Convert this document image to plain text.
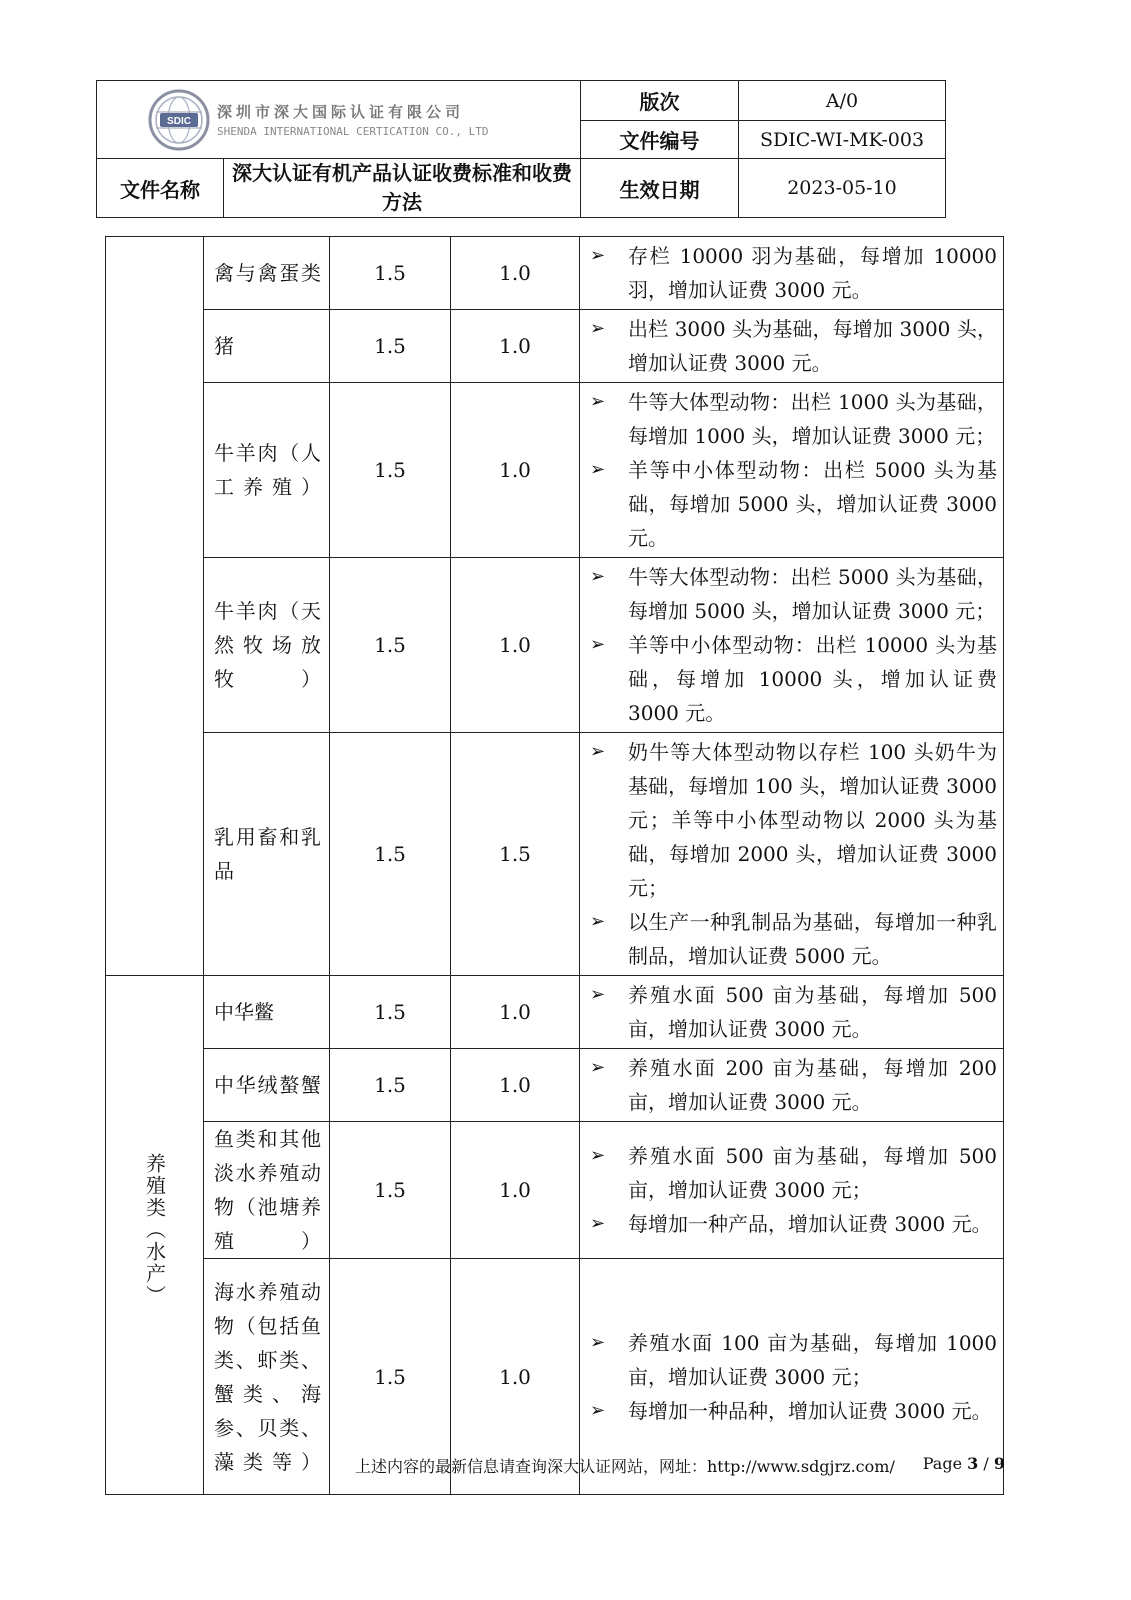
SDIC 深圳市深大国际认证有限公司
SHENDA INTERNATIONAL CERTICATION CO., LTD		版次	A/0
		文件编号	SDIC-WI-MK-003
文件名称	深大认证有机产品认证收费标准和收费方法	生效日期	2023-05-10
	禽与禽蛋类	1.5	1.0	➢ 存栏 10000 羽为基础，每增加 10000 羽，增加认证费 3000 元。

	猪	1.5	1.0	➢ 出栏 3000 头为基础，每增加 3000 头，增加认证费 3000 元。

	牛羊肉（人工养殖）	1.5	1.0	➢ 牛等大体型动物：出栏 1000 头为基础，每增加 1000 头，增加认证费 3000 元；
➢ 羊等中小体型动物：出栏 5000 头为基础，每增加 5000 头，增加认证费 3000 元。

	牛羊肉（天然牧场放牧）	1.5	1.0	➢ 牛等大体型动物：出栏 5000 头为基础，每增加 5000 头，增加认证费 3000 元；
➢ 羊等中小体型动物：出栏 10000 头为基础，每增加 10000 头，增加认证费 3000 元。

	乳用畜和乳品	1.5	1.5	➢ 奶牛等大体型动物以存栏 100 头奶牛为基础，每增加 100 头，增加认证费 3000 元；羊等中小体型动物以 2000 头为基础，每增加 2000 头，增加认证费 3000 元；
➢ 以生产一种乳制品为基础，每增加一种乳制品，增加认证费 5000 元。

养殖类（水产）	中华鳖	1.5	1.0	➢ 养殖水面 500 亩为基础，每增加 500 亩，增加认证费 3000 元。

	中华绒螯蟹	1.5	1.0	➢ 养殖水面 200 亩为基础，每增加 200 亩，增加认证费 3000 元。

	鱼类和其他淡水养殖动物（池塘养殖）	1.5	1.0	➢ 养殖水面 500 亩为基础，每增加 500 亩，增加认证费 3000 元；
➢ 每增加一种产品，增加认证费 3000 元。

	海水养殖动物（包括鱼类、虾类、蟹类、海参、贝类、藻类等）	1.5	1.0	➢ 养殖水面 100 亩为基础，每增加 1000 亩，增加认证费 3000 元；
➢ 每增加一种品种，增加认证费 3000 元。
上述内容的最新信息请查询深大认证网站，网址：http://www.sdgjrz.com/	Page 3 / 9
